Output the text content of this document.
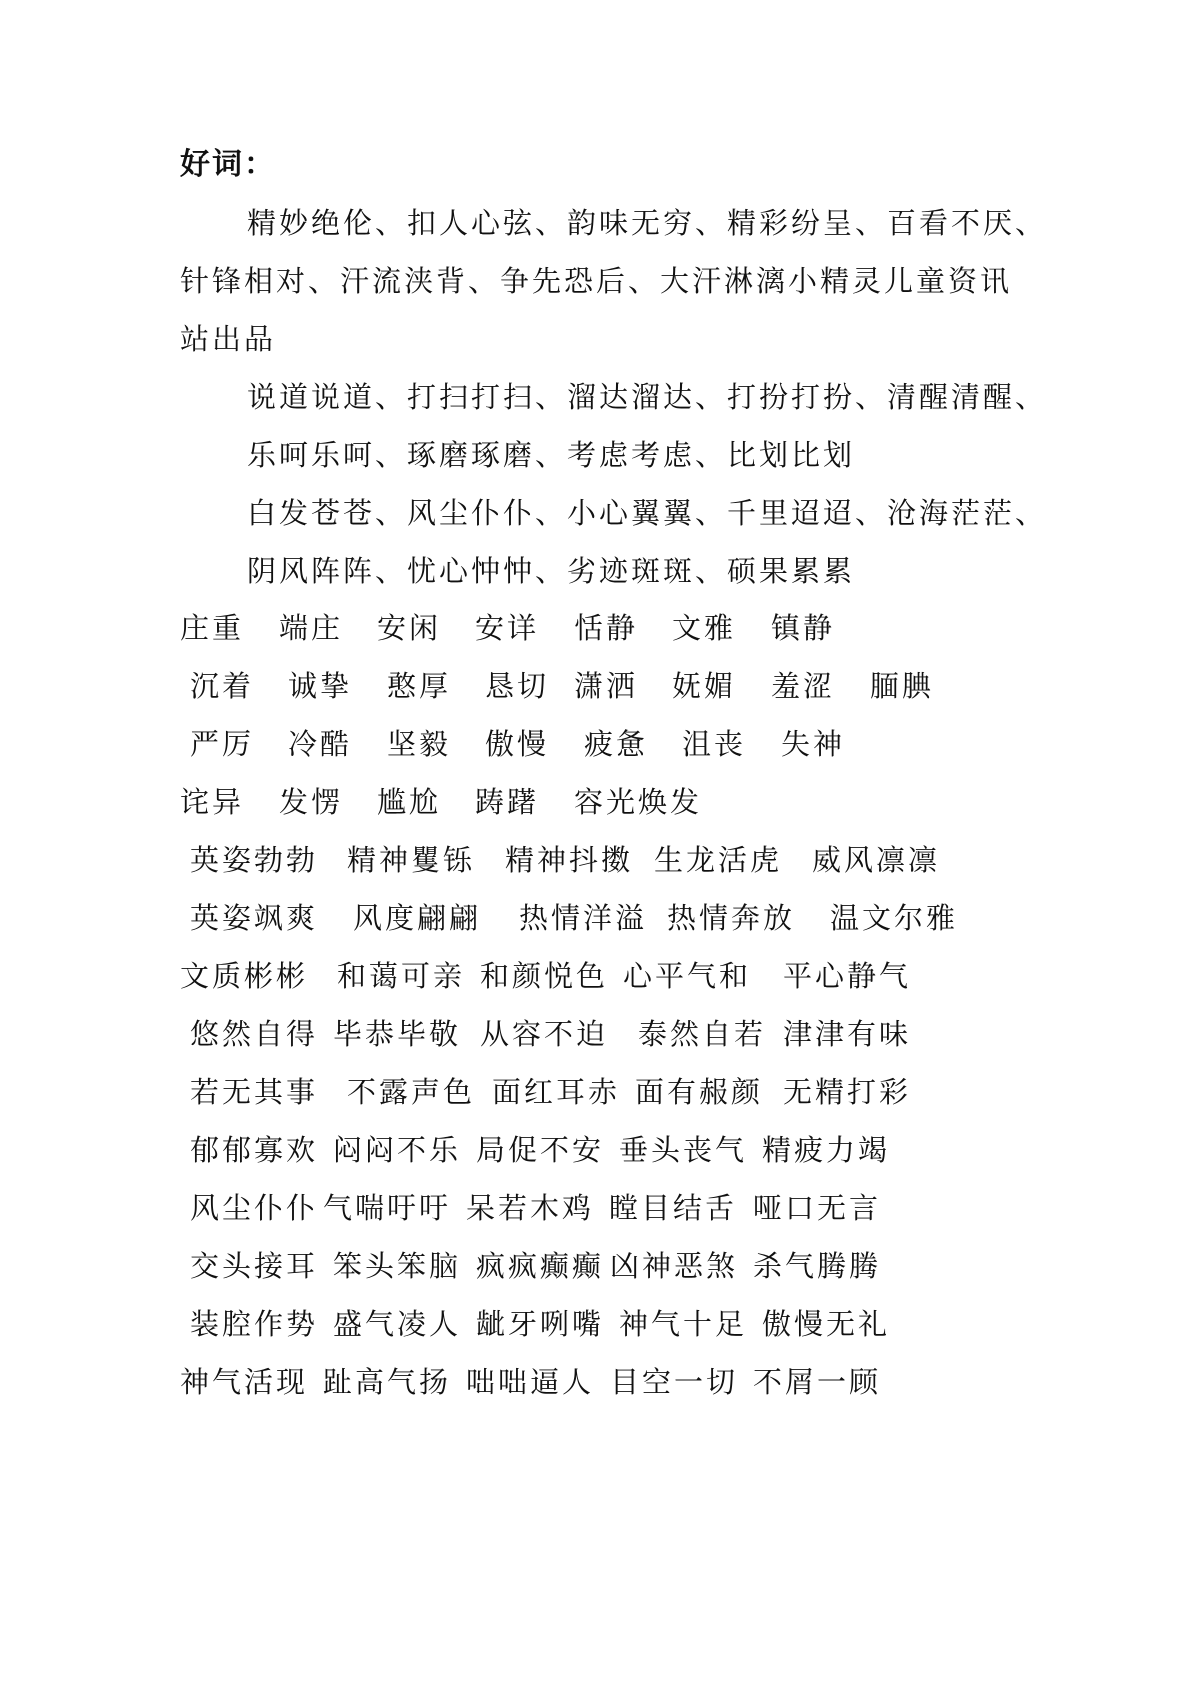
好词：
精妙绝伦、扣人心弦、韵味无穷、精彩纷呈、百看不厌、
针锋相对、汗流浃背、争先恐后、大汗淋漓小精灵儿童资讯
站出品
说道说道、打扫打扫、溜达溜达、打扮打扮、清醒清醒、
乐呵乐呵、琢磨琢磨、考虑考虑、比划比划
白发苍苍、风尘仆仆、小心翼翼、千里迢迢、沧海茫茫、
阴风阵阵、忧心忡忡、劣迹斑斑、硕果累累
庄重 端庄 安闲 安详 恬静 文雅 镇静
沉着 诚挚 憨厚 恳切 潇洒 妩媚 羞涩 腼腆
严厉 冷酷 坚毅 傲慢 疲惫 沮丧 失神
诧异 发愣 尴尬 踌躇 容光焕发
英姿勃勃 精神矍铄 精神抖擞 生龙活虎 威风凛凛
英姿飒爽 风度翩翩 热情洋溢 热情奔放 温文尔雅
文质彬彬 和蔼可亲 和颜悦色 心平气和 平心静气
悠然自得 毕恭毕敬 从容不迫 泰然自若 津津有味
若无其事 不露声色 面红耳赤 面有赧颜 无精打彩
郁郁寡欢 闷闷不乐 局促不安 垂头丧气 精疲力竭
风尘仆仆 气喘吁吁 呆若木鸡 瞠目结舌 哑口无言
交头接耳 笨头笨脑 疯疯癫癫 凶神恶煞 杀气腾腾
装腔作势 盛气凌人 龇牙咧嘴 神气十足 傲慢无礼
神气活现 趾高气扬 咄咄逼人 目空一切 不屑一顾
